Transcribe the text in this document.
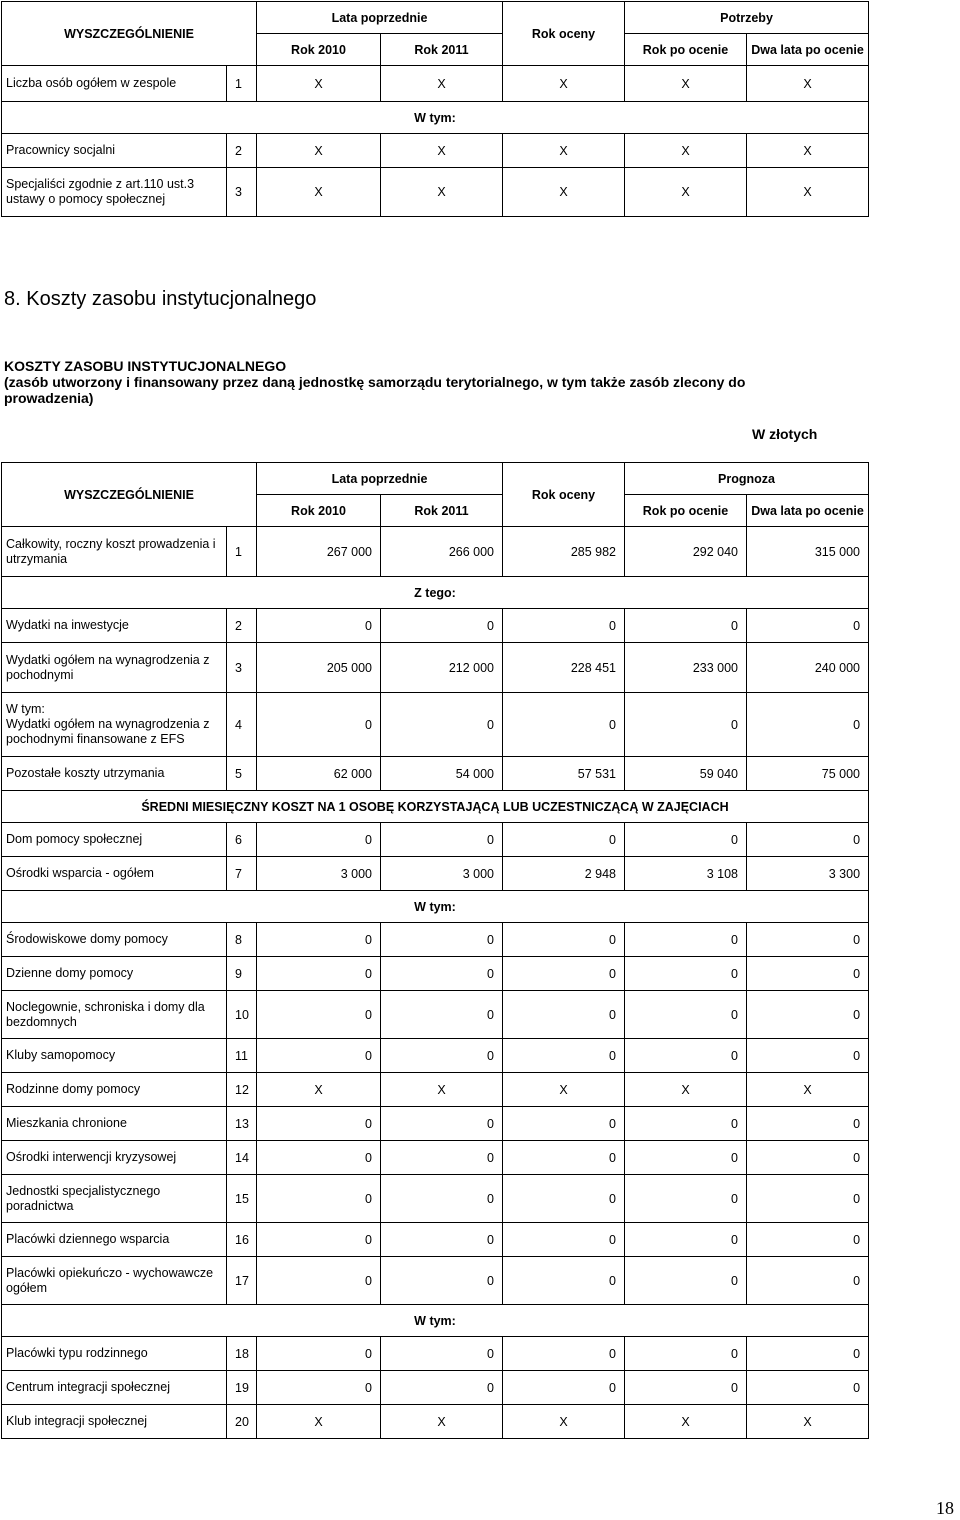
WYSZCZEGÓLNIENIE		Lata poprzednie		Rok oceny	Potrzeby	
		Rok 2010	Rok 2011		Rok po ocenie	Dwa lata po ocenie
Liczba osób ogółem w zespole	1	X	X	X	X	X
W tym:						
Pracownicy socjalni	2	X	X	X	X	X
Specjaliści zgodnie z art.110 ust.3 ustawy o pomocy społecznej	3	X	X	X	X	X
8. Koszty zasobu instytucjonalnego
KOSZTY ZASOBU INSTYTUCJONALNEGO
(zasób utworzony i finansowany przez daną jednostkę samorządu terytorialnego, w tym także zasób zlecony do prowadzenia)
W złotych
WYSZCZEGÓLNIENIE		Lata poprzednie		Rok oceny	Prognoza	
		Rok 2010	Rok 2011		Rok po ocenie	Dwa lata po ocenie
Całkowity, roczny koszt prowadzenia i utrzymania	1	267 000	266 000	285 982	292 040	315 000
Z tego:						
Wydatki na inwestycje	2	0	0	0	0	0
Wydatki ogółem na wynagrodzenia z pochodnymi	3	205 000	212 000	228 451	233 000	240 000
W tym:
Wydatki ogółem na wynagrodzenia z pochodnymi finansowane z EFS	4	0	0	0	0	0
Pozostałe koszty utrzymania	5	62 000	54 000	57 531	59 040	75 000
ŚREDNI MIESIĘCZNY KOSZT NA 1 OSOBĘ KORZYSTAJĄCĄ LUB UCZESTNICZĄCĄ W ZAJĘCIACH						
Dom pomocy społecznej	6	0	0	0	0	0
Ośrodki wsparcia - ogółem	7	3 000	3 000	2 948	3 108	3 300
W tym:						
Środowiskowe domy pomocy	8	0	0	0	0	0
Dzienne domy pomocy	9	0	0	0	0	0
Noclegownie, schroniska i domy dla bezdomnych	10	0	0	0	0	0
Kluby samopomocy	11	0	0	0	0	0
Rodzinne domy pomocy	12	X	X	X	X	X
Mieszkania chronione	13	0	0	0	0	0
Ośrodki interwencji kryzysowej	14	0	0	0	0	0
Jednostki specjalistycznego poradnictwa	15	0	0	0	0	0
Placówki dziennego wsparcia	16	0	0	0	0	0
Placówki opiekuńczo - wychowawcze ogółem	17	0	0	0	0	0
W tym:						
Placówki typu rodzinnego	18	0	0	0	0	0
Centrum integracji społecznej	19	0	0	0	0	0
Klub integracji społecznej	20	X	X	X	X	X
18
